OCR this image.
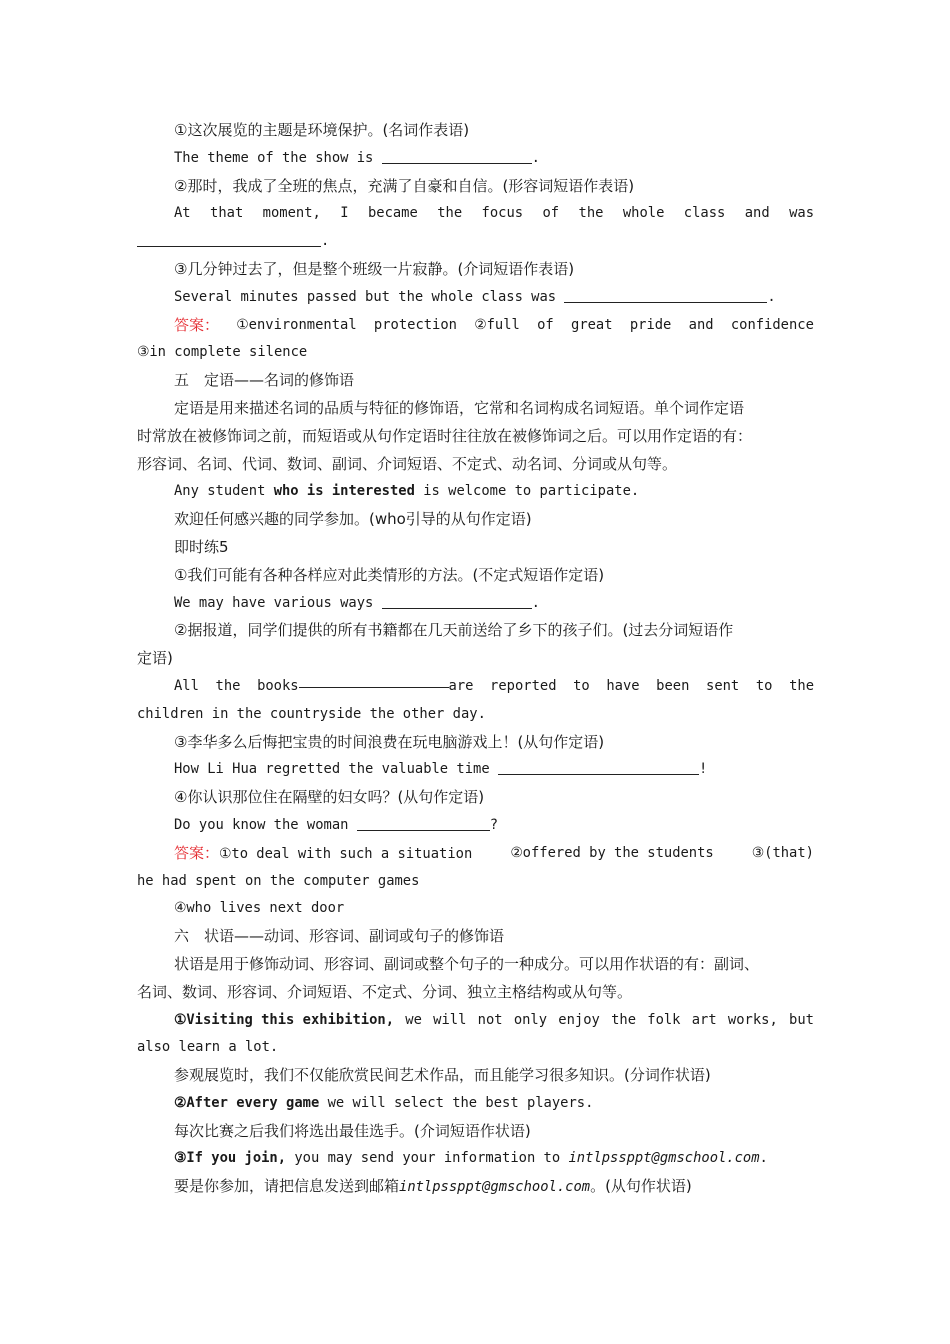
①这次展览的主题是环境保护。(名词作表语)
The theme of the show is	.
②那时，我成了全班的焦点，充满了自豪和自信。(形容词短语作表语)
At that moment, I became the focus of the whole class and was
.
③几分钟过去了，但是整个班级一片寂静。(介词短语作表语)
Several minutes passed but the whole class was	.
答案： ①environmental protection ②full of great pride and confidence
③in complete silence
五　定语——名词的修饰语
定语是用来描述名词的品质与特征的修饰语，它常和名词构成名词短语。单个词作定语
时常放在被修饰词之前，而短语或从句作定语时往往放在被修饰词之后。可以用作定语的有：
形容词、名词、代词、数词、副词、介词短语、不定式、动名词、分词或从句等。
Any student who is interested is welcome to participate.
欢迎任何感兴趣的同学参加。(who引导的从句作定语)
即时练5
①我们可能有各种各样应对此类情形的方法。(不定式短语作定语)
We may have various ways	.
②据报道，同学们提供的所有书籍都在几天前送给了乡下的孩子们。(过去分词短语作
定语)
All  the  books	are  reported  to  have  been  sent  to  the
children in the countryside the other day.
③李华多么后悔把宝贵的时间浪费在玩电脑游戏上！(从句作定语)
How Li Hua regretted the valuable time	!
④你认识那位住在隔壁的妇女吗？(从句作定语)
Do you know the woman	?
答案：①to deal with such a situation	②offered by the students	③(that)
he had spent on the computer games
④who lives next door
六　状语——动词、形容词、副词或句子的修饰语
状语是用于修饰动词、形容词、副词或整个句子的一种成分。可以用作状语的有：副词、
名词、数词、形容词、介词短语、不定式、分词、独立主格结构或从句等。
①Visiting this exhibition, we will not only enjoy the folk art works, but
also learn a lot.
参观展览时，我们不仅能欣赏民间艺术作品，而且能学习很多知识。(分词作状语)
②After every game we will select the best players.
每次比赛之后我们将选出最佳选手。(介词短语作状语)
③If you join, you may send your information to intlpssppt@gmschool.com.
要是你参加，请把信息发送到邮箱intlpssppt@gmschool.com。(从句作状语)
